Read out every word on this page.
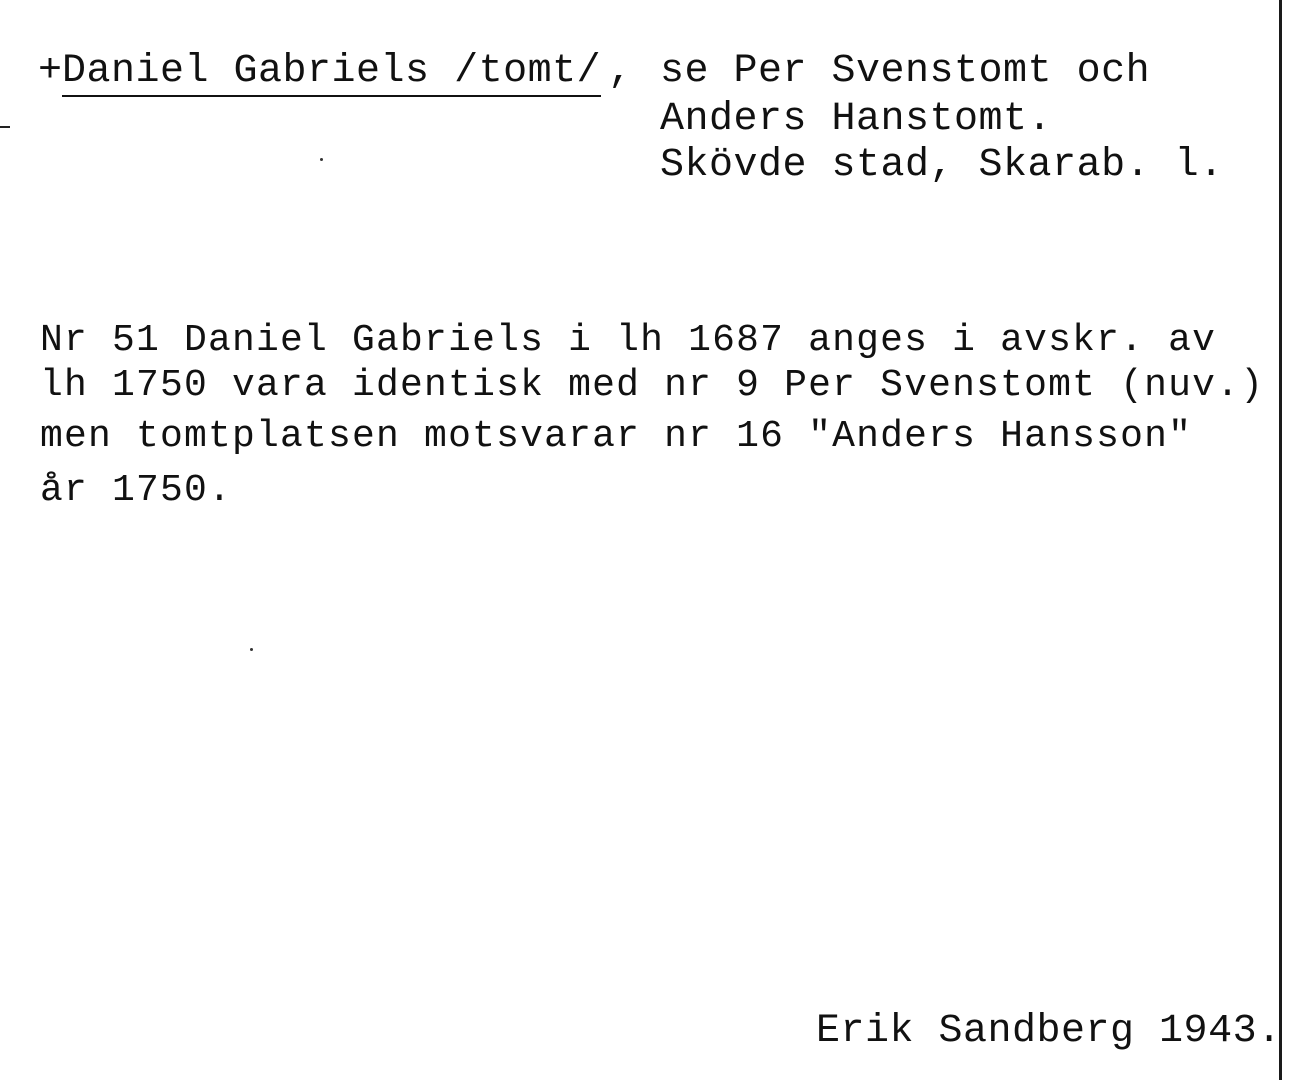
+ Daniel Gabriels /tomt/ , se Per Svenstomt och
Anders Hanstomt.
Skövde stad, Skarab. l.
Nr 51 Daniel Gabriels i lh 1687 anges i avskr. av
lh 1750 vara identisk med nr 9 Per Svenstomt (nuv.)
men tomtplatsen motsvarar nr 16 "Anders Hansson"
år 1750.
Erik Sandberg 1943.
